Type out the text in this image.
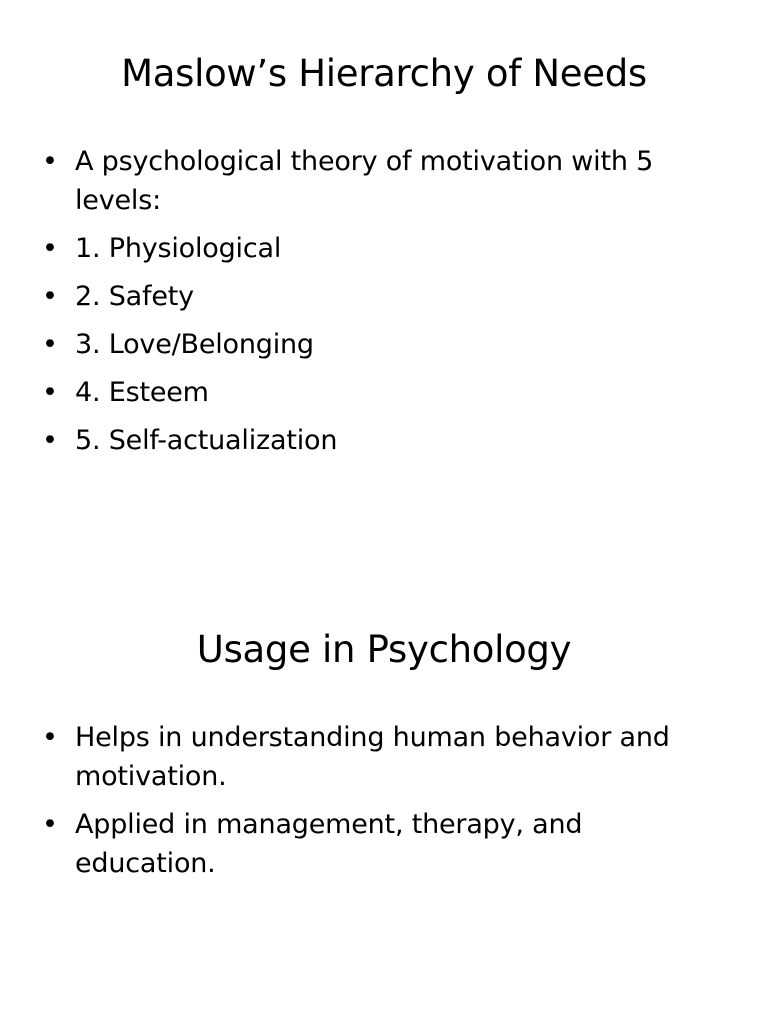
Maslow’s Hierarchy of Needs
• A psychological theory of motivation with 5 levels:
• 1. Physiological
• 2. Safety
• 3. Love/Belonging
• 4. Esteem
• 5. Self-actualization
Usage in Psychology
• Helps in understanding human behavior and motivation.
• Applied in management, therapy, and education.
